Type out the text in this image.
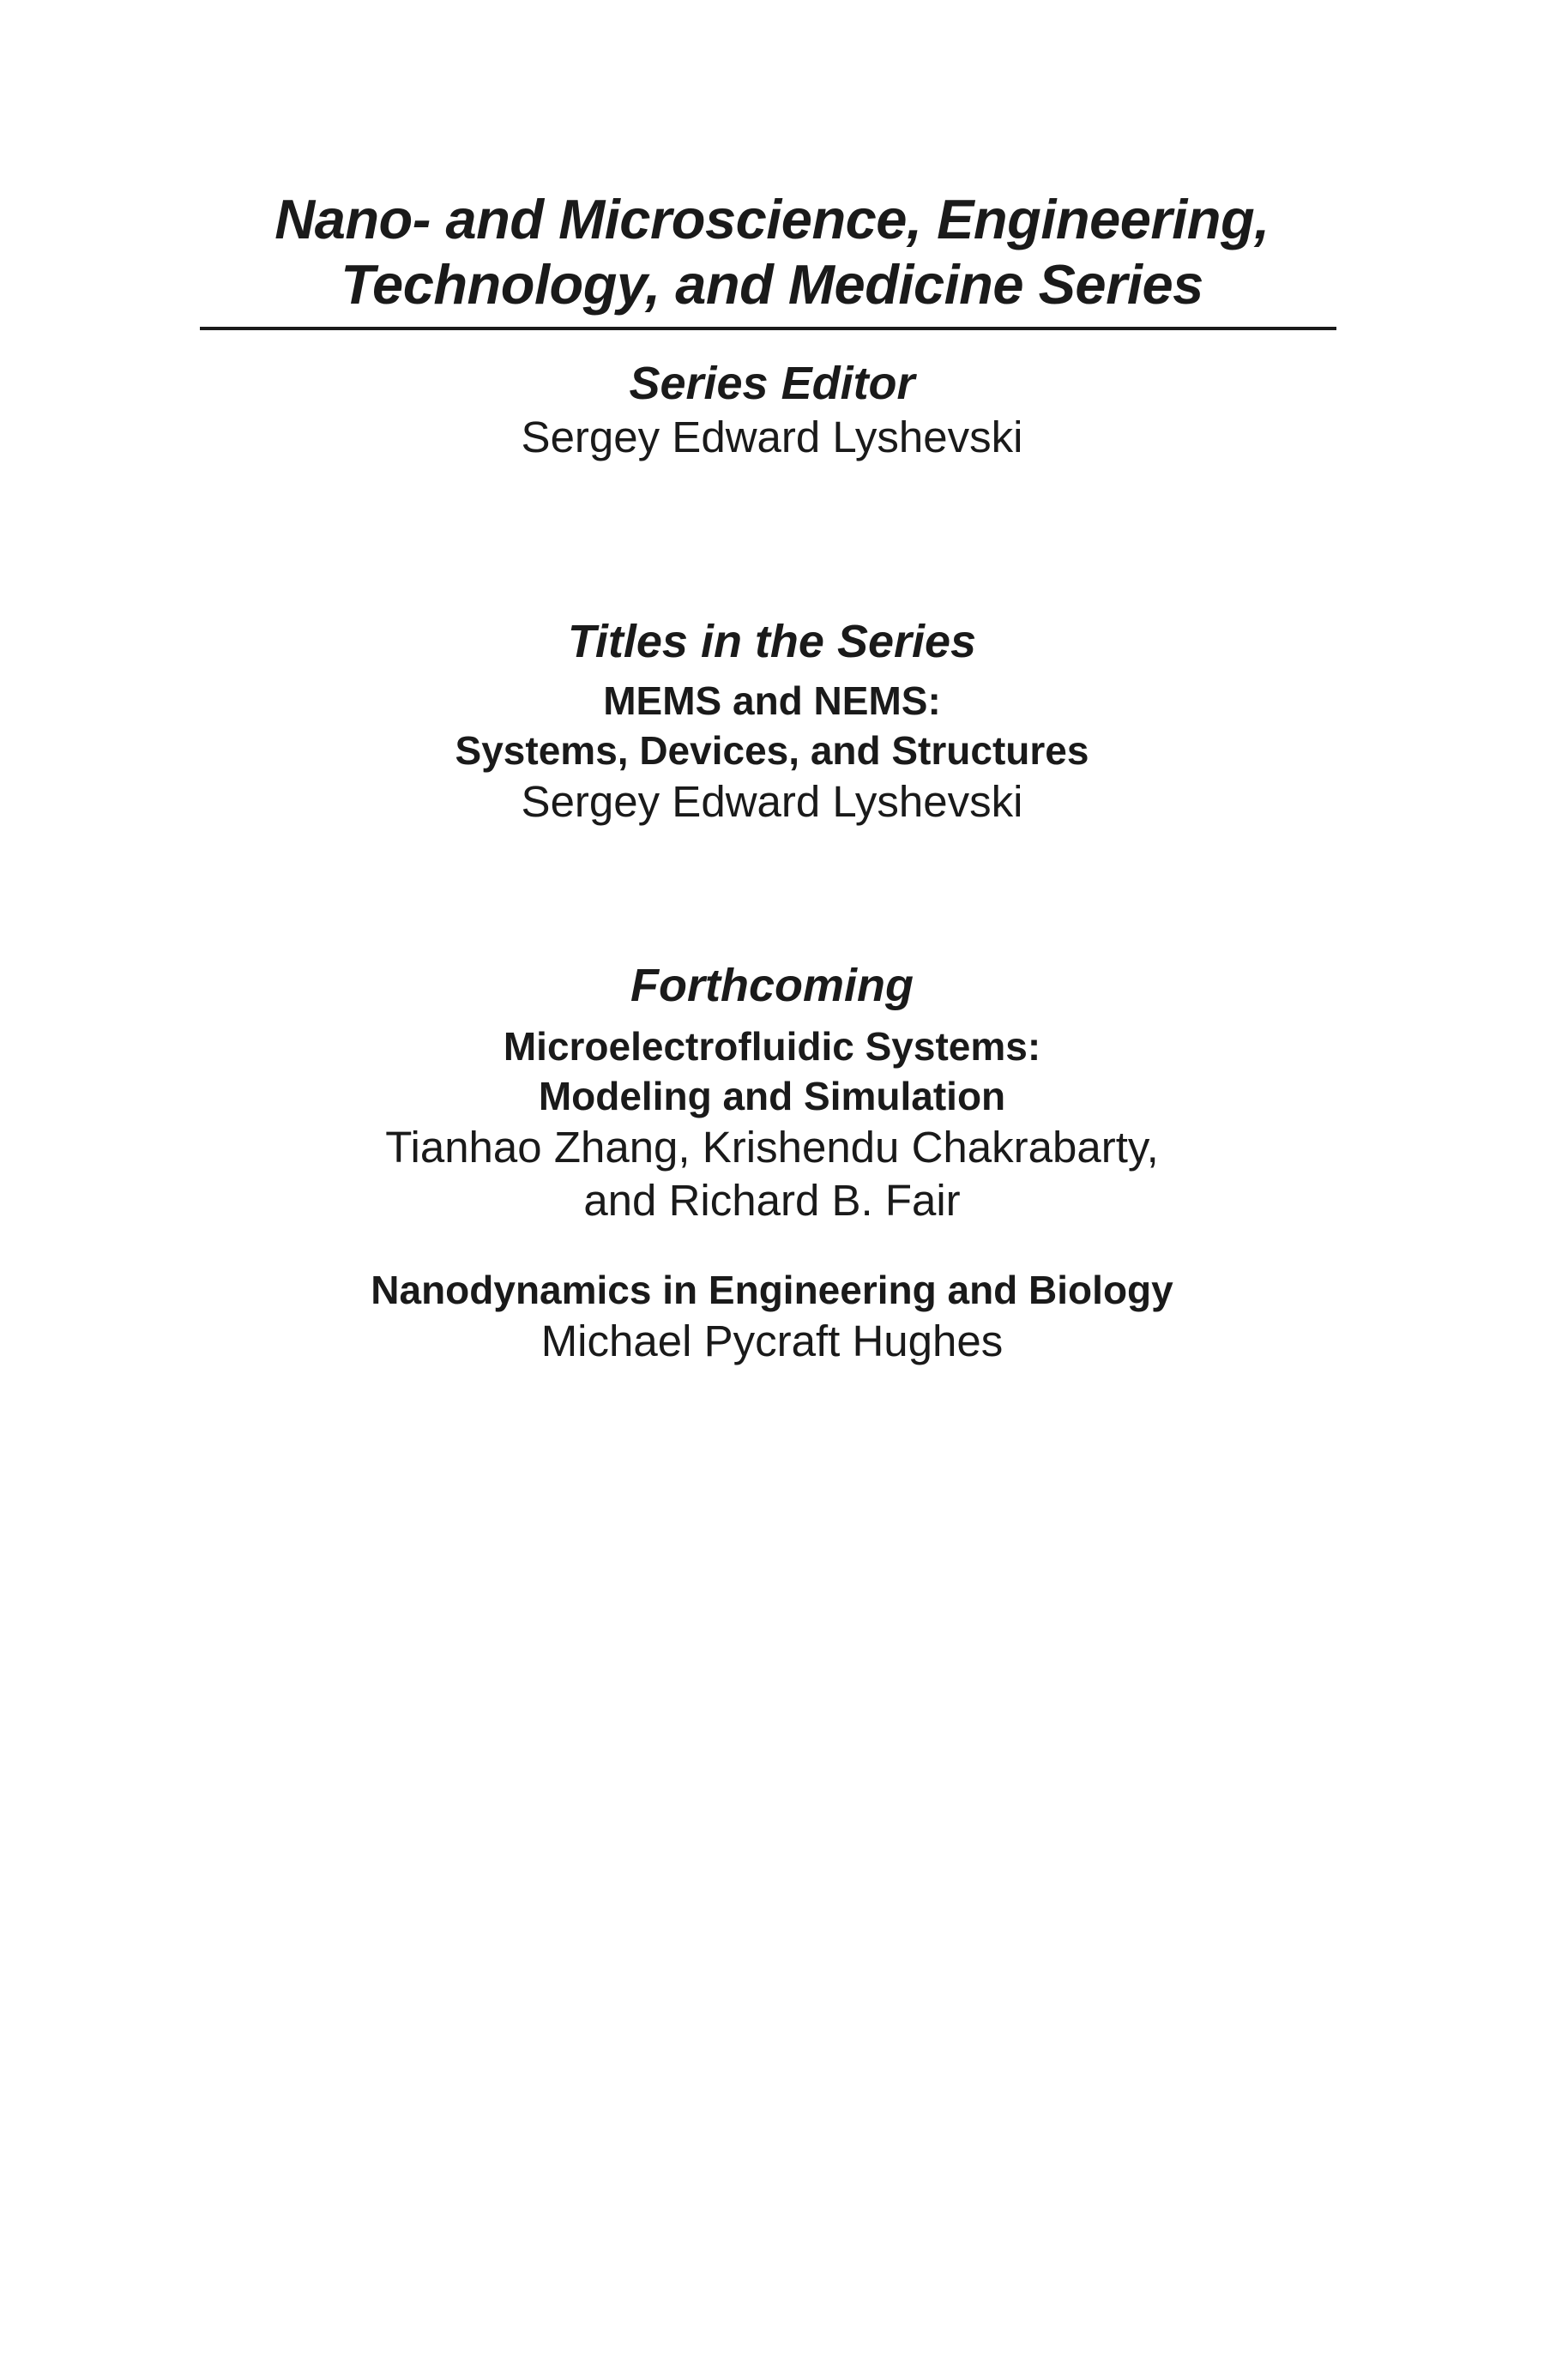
Nano- and Microscience, Engineering,
Technology, and Medicine Series
Series Editor
Sergey Edward Lyshevski
Titles in the Series
MEMS and NEMS:
Systems, Devices, and Structures
Sergey Edward Lyshevski
Forthcoming
Microelectrofluidic Systems:
Modeling and Simulation
Tianhao Zhang, Krishendu Chakrabarty,
and Richard B. Fair
Nanodynamics in Engineering and Biology
Michael Pycraft Hughes
